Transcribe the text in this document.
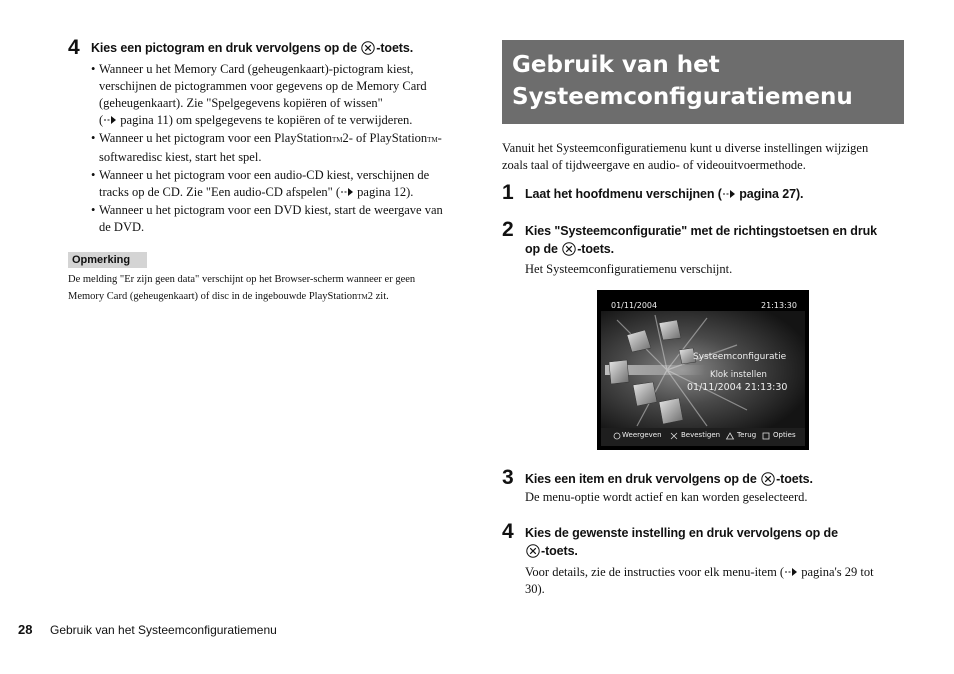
4 Kies een pictogram en druk vervolgens op de -toets.
• Wanneer u het Memory Card (geheugenkaart)-pictogram kiest,
verschijnen de pictogrammen voor gegevens op de Memory Card
(geheugenkaart). Zie "Spelgegevens kopiëren of wissen"
( pagina 11) om spelgegevens te kopiëren of te verwijderen.
• Wanneer u het pictogram voor een PlayStationTM2- of PlayStationTM-
softwaredisc kiest, start het spel.
• Wanneer u het pictogram voor een audio-CD kiest, verschijnen de
tracks op de CD. Zie "Een audio-CD afspelen" ( pagina 12).
• Wanneer u het pictogram voor een DVD kiest, start de weergave van
de DVD.
Opmerking
De melding "Er zijn geen data" verschijnt op het Browser-scherm wanneer er geen
Memory Card (geheugenkaart) of disc in de ingebouwde PlayStationTM2 zit.
Gebruik van het
Systeemconfiguratiemenu
Vanuit het Systeemconfiguratiemenu kunt u diverse instellingen wijzigen
zoals taal of tijdweergave en audio- of videouitvoermethode.
1 Laat het hoofdmenu verschijnen ( pagina 27).
2 Kies "Systeemconfiguratie" met de richtingstoetsen en druk
op de -toets.
Het Systeemconfiguratiemenu verschijnt.
01/11/2004	21:13:30
Systeemconfiguratie
Klok instellen
01/11/2004 21:13:30
Weergeven	Bevestigen Terug Opties
3 Kies een item en druk vervolgens op de -toets.
De menu-optie wordt actief en kan worden geselecteerd.
4 Kies de gewenste instelling en druk vervolgens op de
-toets.
Voor details, zie de instructies voor elk menu-item ( pagina's 29 tot
30).
28 Gebruik van het Systeemconfiguratiemenu
